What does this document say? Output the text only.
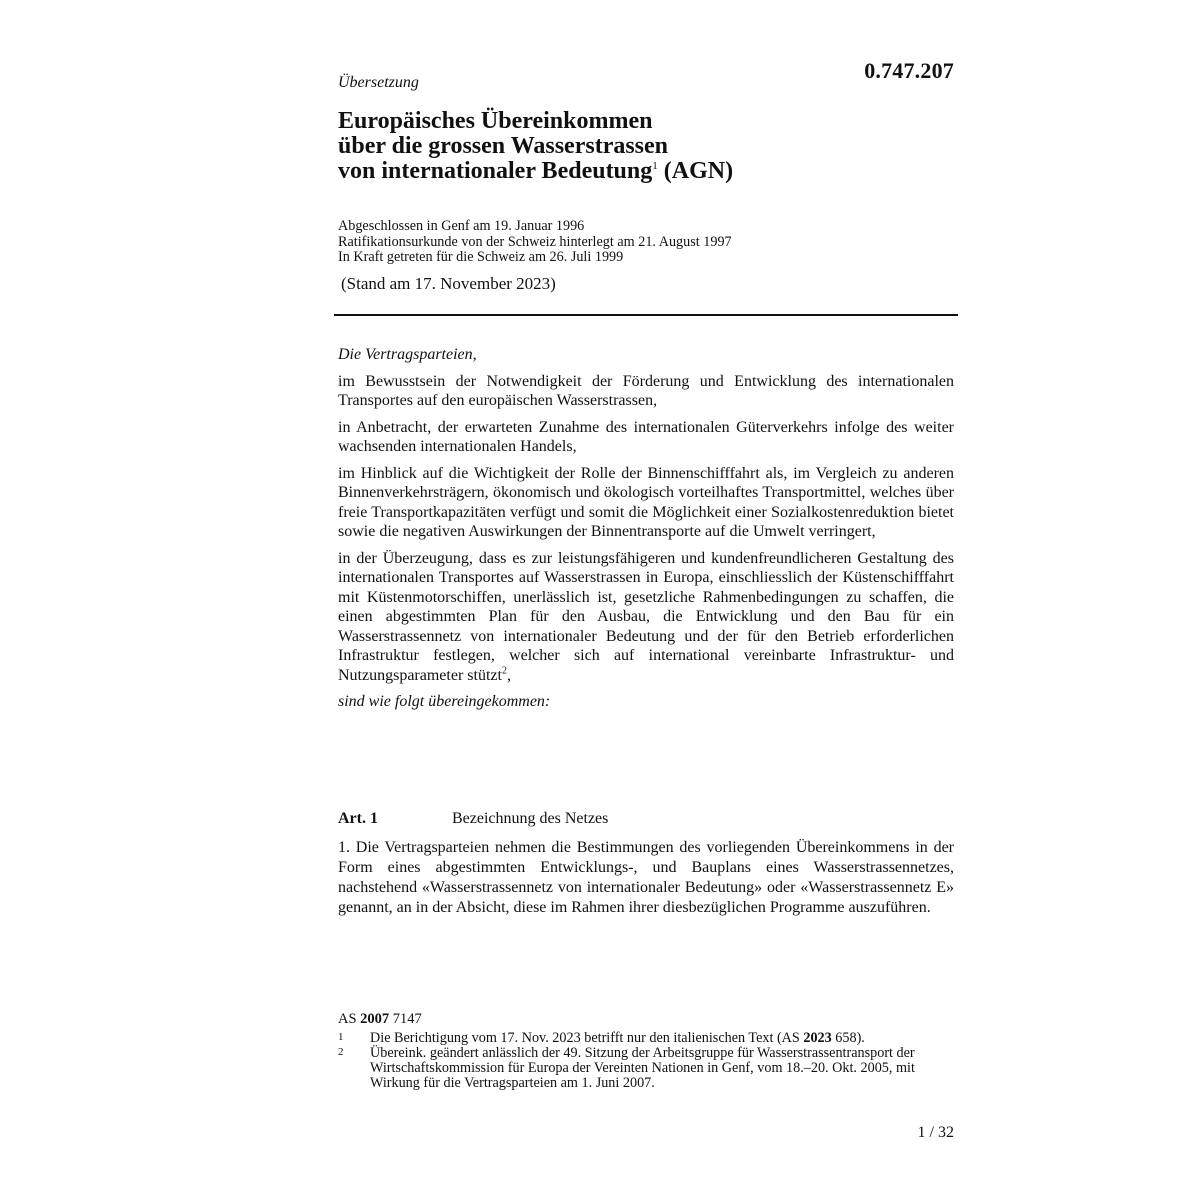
0.747.207
Übersetzung
Europäisches Übereinkommen
über die grossen Wasserstrassen
von internationaler Bedeutung$^1$ (AGN)
Abgeschlossen in Genf am 19. Januar 1996
Ratifikationsurkunde von der Schweiz hinterlegt am 21. August 1997
In Kraft getreten für die Schweiz am 26. Juli 1999
(Stand am 17. November 2023)

Die Vertragsparteien,

im Bewusstsein der Notwendigkeit der Förderung und Entwicklung des internationalen Transportes auf den europäischen Wasserstrassen,

in Anbetracht, der erwarteten Zunahme des internationalen Güterverkehrs infolge des weiter wachsenden internationalen Handels,

im Hinblick auf die Wichtigkeit der Rolle der Binnenschifffahrt als, im Vergleich zu anderen Binnenverkehrsträgern, ökonomisch und ökologisch vorteilhaftes Transportmittel, welches über freie Transportkapazitäten verfügt und somit die Möglichkeit einer Sozialkostenreduktion bietet sowie die negativen Auswirkungen der Binnentransporte auf die Umwelt verringert,

in der Überzeugung, dass es zur leistungsfähigeren und kundenfreundlicheren Gestaltung des internationalen Transportes auf Wasserstrassen in Europa, einschliesslich der Küstenschifffahrt mit Küstenmotorschiffen, unerlässlich ist, gesetzliche Rahmenbedingungen zu schaffen, die einen abgestimmten Plan für den Ausbau, die Entwicklung und den Bau für ein Wasserstrassennetz von internationaler Bedeutung und der für den Betrieb erforderlichen Infrastruktur festlegen, welcher sich auf international vereinbarte Infrastruktur- und Nutzungsparameter stützt$^2$,

sind wie folgt übereingekommen:

Art. 1	Bezeichnung des Netzes

1. Die Vertragsparteien nehmen die Bestimmungen des vorliegenden Übereinkommens in der Form eines abgestimmten Entwicklungs-, und Bauplans eines Wasserstrassennetzes, nachstehend «Wasserstrassennetz von internationaler Bedeutung» oder «Wasserstrassennetz E» genannt, an in der Absicht, diese im Rahmen ihrer diesbezüglichen Programme auszuführen.

AS 2007 7147
1	Die Berichtigung vom 17. Nov. 2023 betrifft nur den italienischen Text (AS 2023 658).
2	Übereink. geändert anlässlich der 49. Sitzung der Arbeitsgruppe für Wasserstrassentransport der Wirtschaftskommission für Europa der Vereinten Nationen in Genf, vom 18.–20. Okt. 2005, mit Wirkung für die Vertragsparteien am 1. Juni 2007.
1 / 32
